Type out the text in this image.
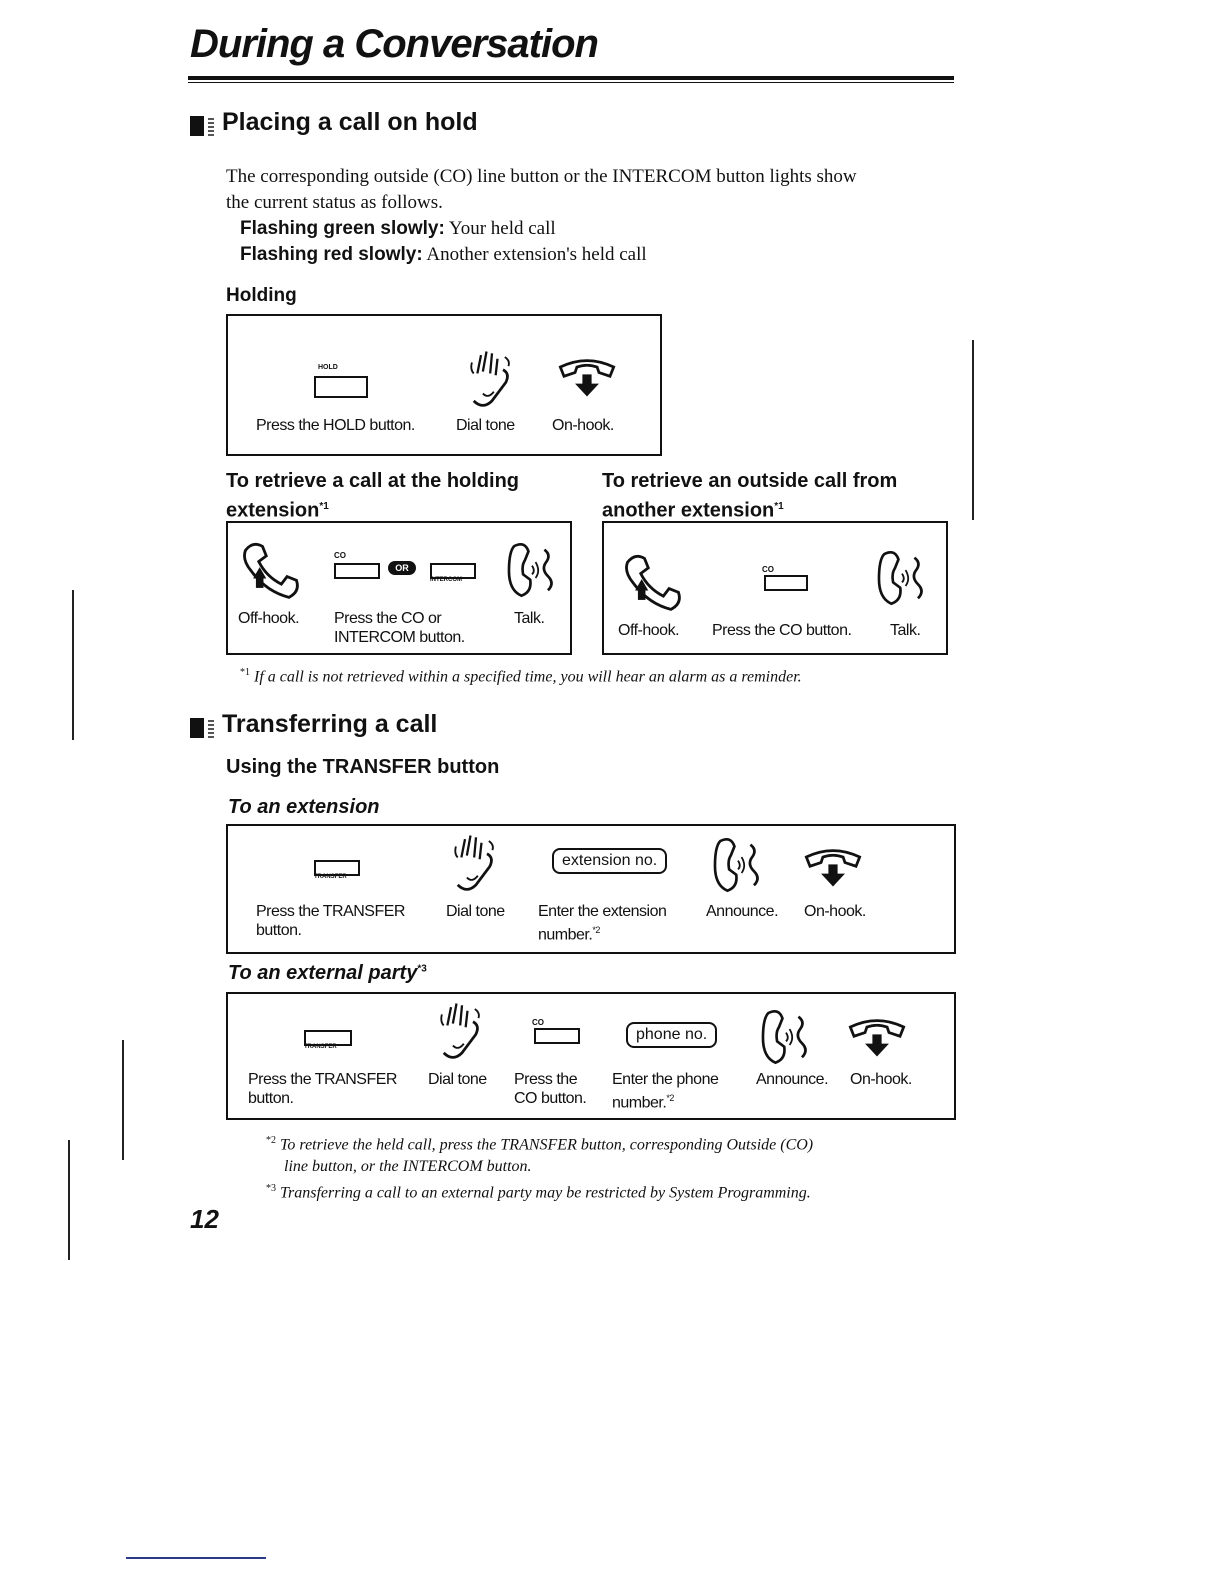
During a Conversation
Placing a call on hold
The corresponding outside (CO) line button or the INTERCOM button lights show
the current status as follows.
Flashing green slowly: Your held call
Flashing red slowly: Another extension's held call
Holding
HOLD
Press the HOLD button.	Dial tone On-hook.
To retrieve a call at the holding
extension$^{*1}$
CO
OR
INTERCOM
Off-hook. Press the CO or
INTERCOM button.
Talk.
To retrieve an outside call from
another extension$^{*1}$
CO
Off-hook. Press the CO button. Talk.
$^{*1}$ If a call is not retrieved within a specified time, you will hear an alarm as a reminder.
Transferring a call
Using the TRANSFER button
To an extension
TRANSFER
extension no.
Press the TRANSFER
button.
Dial tone Enter the extension
number.$^{*2}$
Announce. On-hook.
To an external party$^{*3}$
TRANSFER
CO
phone no.
Press the TRANSFER
button.
Dial tone Press the
CO button.
Enter the phone
number.$^{*2}$
Announce. On-hook.
$^{*2}$ To retrieve the held call, press the TRANSFER button, corresponding Outside (CO)
line button, or the INTERCOM button.
$^{*3}$ Transferring a call to an external party may be restricted by System Programming.
12
